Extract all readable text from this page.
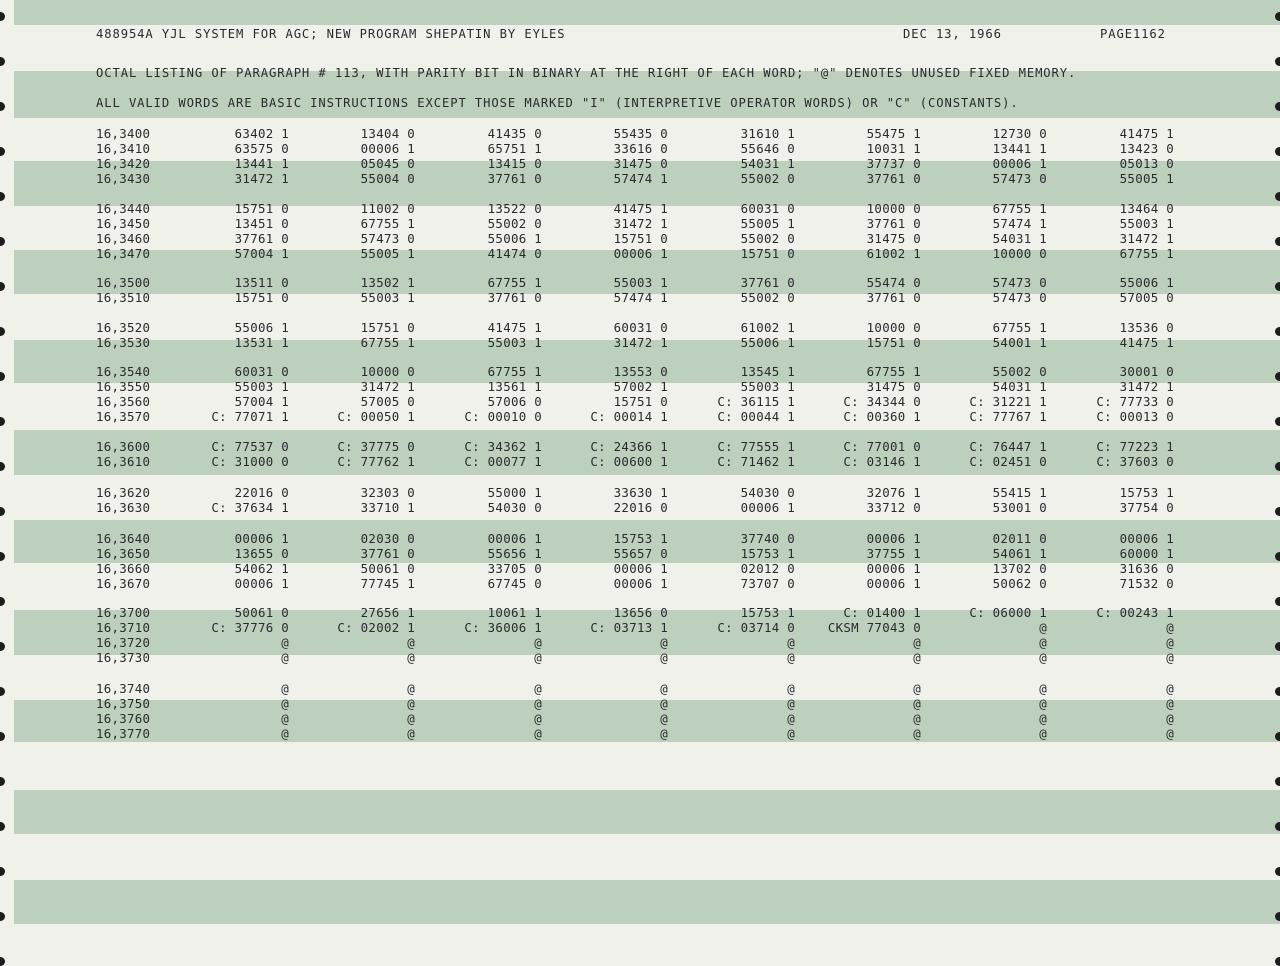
488954A YJL SYSTEM FOR AGC; NEW PROGRAM SHEPATIN BY EYLES	DEC 13, 1966	PAGE1162
OCTAL LISTING OF PARAGRAPH # 113, WITH PARITY BIT IN BINARY AT THE RIGHT OF EACH WORD; "@" DENOTES UNUSED FIXED MEMORY.
ALL VALID WORDS ARE BASIC INSTRUCTIONS EXCEPT THOSE MARKED "I" (INTERPRETIVE OPERATOR WORDS) OR "C" (CONSTANTS).
16,3400	63402 1	13404 0	41435 0	55435 0	31610 1	55475 1	12730 0	41475 1
16,3410	63575 0	00006 1	65751 1	33616 0	55646 0	10031 1	13441 1	13423 0
16,3420	13441 1	05045 0	13415 0	31475 0	54031 1	37737 0	00006 1	05013 0
16,3430	31472 1	55004 0	37761 0	57474 1	55002 0	37761 0	57473 0	55005 1
16,3440	15751 0	11002 0	13522 0	41475 1	60031 0	10000 0	67755 1	13464 0
16,3450	13451 0	67755 1	55002 0	31472 1	55005 1	37761 0	57474 1	55003 1
16,3460	37761 0	57473 0	55006 1	15751 0	55002 0	31475 0	54031 1	31472 1
16,3470	57004 1	55005 1	41474 0	00006 1	15751 0	61002 1	10000 0	67755 1
16,3500	13511 0	13502 1	67755 1	55003 1	37761 0	55474 0	57473 0	55006 1
16,3510	15751 0	55003 1	37761 0	57474 1	55002 0	37761 0	57473 0	57005 0
16,3520	55006 1	15751 0	41475 1	60031 0	61002 1	10000 0	67755 1	13536 0
16,3530	13531 1	67755 1	55003 1	31472 1	55006 1	15751 0	54001 1	41475 1
16,3540	60031 0	10000 0	67755 1	13553 0	13545 1	67755 1	55002 0	30001 0
16,3550	55003 1	31472 1	13561 1	57002 1	55003 1	31475 0	54031 1	31472 1
16,3560	57004 1	57005 0	57006 0	15751 0	C: 36115 1	C: 34344 0	C: 31221 1	C: 77733 0
16,3570	C: 77071 1	C: 00050 1	C: 00010 0	C: 00014 1	C: 00044 1	C: 00360 1	C: 77767 1	C: 00013 0
16,3600	C: 77537 0	C: 37775 0	C: 34362 1	C: 24366 1	C: 77555 1	C: 77001 0	C: 76447 1	C: 77223 1
16,3610	C: 31000 0	C: 77762 1	C: 00077 1	C: 00600 1	C: 71462 1	C: 03146 1	C: 02451 0	C: 37603 0
16,3620	22016 0	32303 0	55000 1	33630 1	54030 0	32076 1	55415 1	15753 1
16,3630	C: 37634 1	33710 1	54030 0	22016 0	00006 1	33712 0	53001 0	37754 0
16,3640	00006 1	02030 0	00006 1	15753 1	37740 0	00006 1	02011 0	00006 1
16,3650	13655 0	37761 0	55656 1	55657 0	15753 1	37755 1	54061 1	60000 1
16,3660	54062 1	50061 0	33705 0	00006 1	02012 0	00006 1	13702 0	31636 0
16,3670	00006 1	77745 1	67745 0	00006 1	73707 0	00006 1	50062 0	71532 0
16,3700	50061 0	27656 1	10061 1	13656 0	15753 1	C: 01400 1	C: 06000 1	C: 00243 1
16,3710	C: 37776 0	C: 02002 1	C: 36006 1	C: 03713 1	C: 03714 0	CKSM 77043 0	@	@
16,3720	@	@	@	@	@	@	@	@
16,3730	@	@	@	@	@	@	@	@
16,3740	@	@	@	@	@	@	@	@
16,3750	@	@	@	@	@	@	@	@
16,3760	@	@	@	@	@	@	@	@
16,3770	@	@	@	@	@	@	@	@
